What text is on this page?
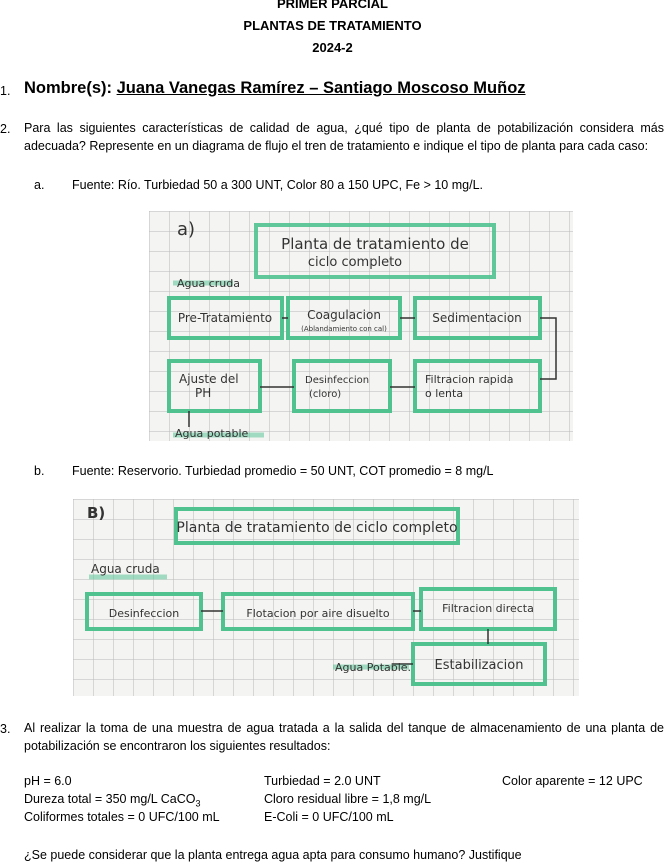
PRIMER PARCIAL
PLANTAS DE TRATAMIENTO
2024-2
1. Nombre(s): Juana Vanegas Ramírez – Santiago Moscoso Muñoz
2. Para las siguientes características de calidad de agua, ¿qué tipo de planta de potabilización considera más adecuada? Represente en un diagrama de flujo el tren de tratamiento e indique el tipo de planta para cada caso:
a. Fuente: Río. Turbiedad 50 a 300 UNT, Color 80 a 150 UPC, Fe > 10 mg/L.
a)
Planta de tratamiento de
ciclo completo
Agua cruda
Pre-Tratamiento	Coagulacion
(Ablandamiento con cal)
Sedimentacion
Ajuste del
PH
Desinfeccion
(cloro)
Filtracion rapida
o lenta
Agua potable
b. Fuente: Reservorio. Turbiedad promedio = 50 UNT, COT promedio = 8 mg/L
B)
Planta de tratamiento de ciclo completo
Agua cruda
Desinfeccion	Flotacion por aire disuelto	Filtracion directa
Estabilizacion
Agua Potable.
3. Al realizar la toma de una muestra de agua tratada a la salida del tanque de almacenamiento de una planta de potabilización se encontraron los siguientes resultados:
pH = 6.0	Turbiedad = 2.0 UNT	Color aparente = 12 UPC
Dureza total = 350 mg/L CaCO$_3$	Cloro residual libre = 1,8 mg/L
Coliformes totales = 0 UFC/100 mL	E-Coli = 0 UFC/100 mL
¿Se puede considerar que la planta entrega agua apta para consumo humano? Justifique
